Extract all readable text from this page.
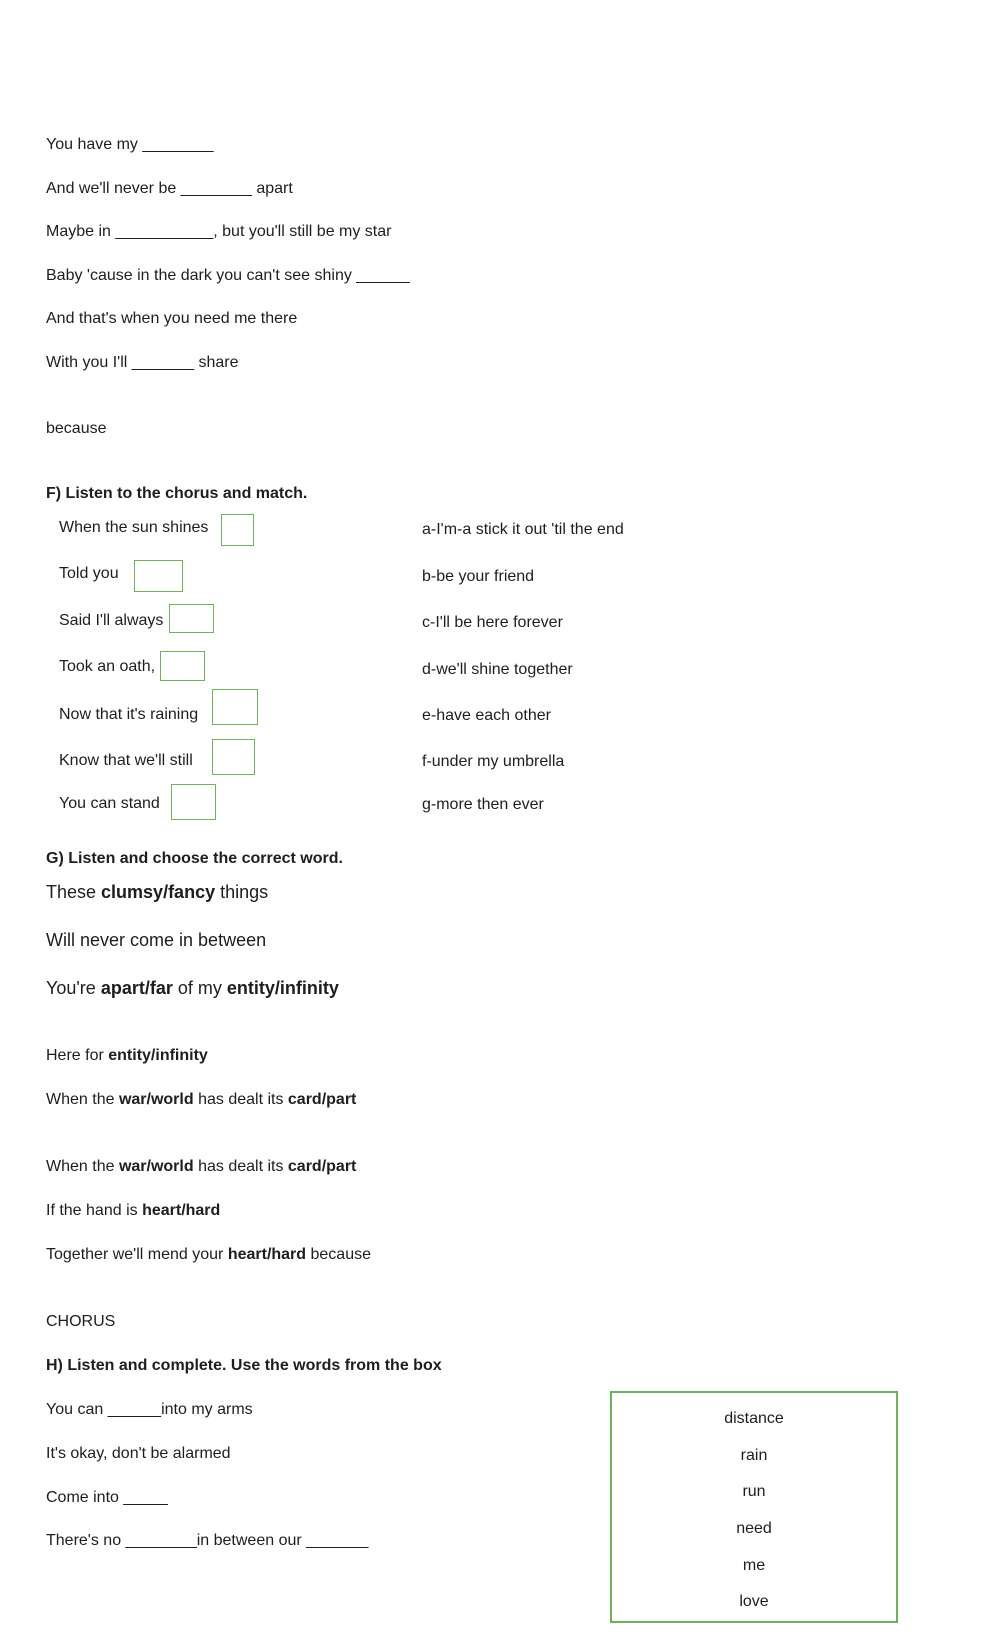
You have my ________
And we'll never be ________ apart
Maybe in ___________, but you'll still be my star
Baby 'cause in the dark you can't see shiny ______
And that's when you need me there
With you I'll _______ share
because
F) Listen to the chorus and match.
When the sun shines
Told you
Said I'll always
Took an oath,
Now that it's raining
Know that we'll still
You can stand
a-I'm-a stick it out 'til the end
b-be your friend
c-I'll be here forever
d-we'll shine together
e-have each other
f-under my umbrella
g-more then ever
G) Listen and choose the correct word.
These clumsy/fancy things
Will never come in between
You're apart/far of my entity/infinity
Here for entity/infinity
When the war/world has dealt its card/part
When the war/world has dealt its card/part
If the hand is heart/hard
Together we'll mend your heart/hard because
CHORUS
H) Listen and complete. Use the words from the box
You can ______into my arms
It's okay, don't be alarmed
Come into _____
There's no ________in between our _______
distance
rain
run
need
me
love
